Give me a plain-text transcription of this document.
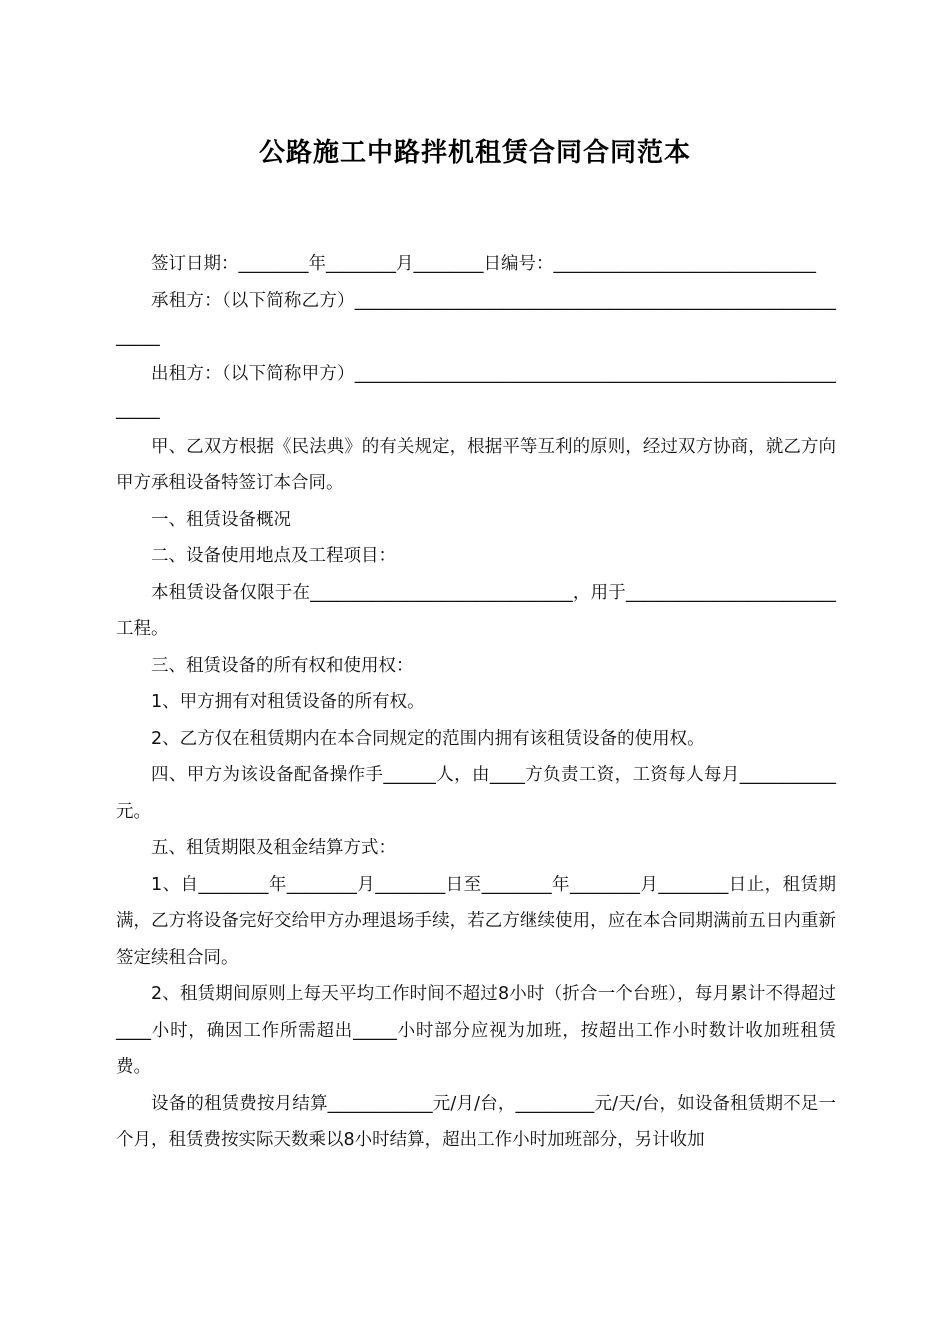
公路施工中路拌机租赁合同合同范本

签订日期：________年________月________日编号：______________________________

承租方：（以下简称乙方）____________________________________________________________

出租方：（以下简称甲方）____________________________________________________________

甲、乙双方根据《民法典》的有关规定，根据平等互利的原则，经过双方协商，就乙方向甲方承租设备特签订本合同。

一、租赁设备概况

二、设备使用地点及工程项目：

本租赁设备仅限于在______________________________，用于________________________工程。

三、租赁设备的所有权和使用权：

1、甲方拥有对租赁设备的所有权。

2、乙方仅在租赁期内在本合同规定的范围内拥有该租赁设备的使用权。

四、甲方为该设备配备操作手______人，由____方负责工资，工资每人每月___________元。

五、租赁期限及租金结算方式：

1、自________年________月________日至________年________月________日止，租赁期满，乙方将设备完好交给甲方办理退场手续，若乙方继续使用，应在本合同期满前五日内重新签定续租合同。

2、租赁期间原则上每天平均工作时间不超过8小时（折合一个台班），每月累计不得超过____小时，确因工作所需超出_____小时部分应视为加班，按超出工作小时数计收加班租赁费。

设备的租赁费按月结算____________元/月/台，_________元/天/台，如设备租赁期不足一个月，租赁费按实际天数乘以8小时结算，超出工作小时加班部分，另计收加
